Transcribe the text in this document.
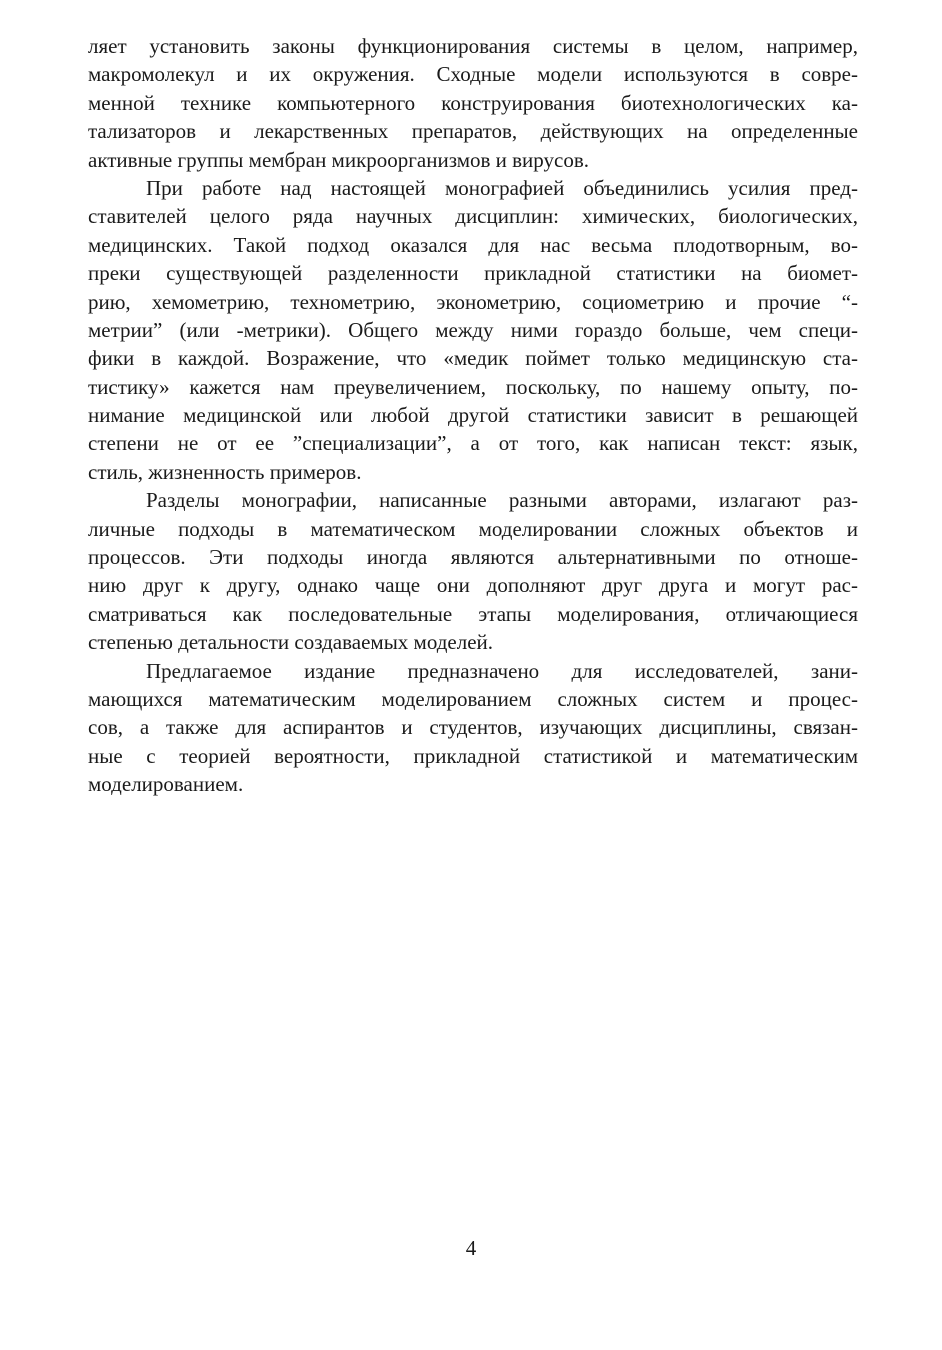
ляет установить законы функционирования системы в целом, например,
макромолекул и их окружения. Сходные модели используются в совре-
менной технике компьютерного конструирования биотехнологических ка-
тализаторов и лекарственных препаратов, действующих на определенные
активные группы мембран микроорганизмов и вирусов.
При работе над настоящей монографией объединились усилия пред-
ставителей целого ряда научных дисциплин: химических, биологических,
медицинских. Такой подход оказался для нас весьма плодотворным, во-
преки существующей разделенности прикладной статистики на биомет-
рию, хемометрию, технометрию, эконометрию, социометрию и прочие “-
метрии” (или -метрики). Общего между ними гораздо больше, чем специ-
фики в каждой. Возражение, что «медик поймет только медицинскую ста-
тистику» кажется нам преувеличением, поскольку, по нашему опыту, по-
нимание медицинской или любой другой статистики зависит в решающей
степени не от ее ”специализации”, а от того, как написан текст: язык,
стиль, жизненность примеров.
Разделы монографии, написанные разными авторами, излагают раз-
личные подходы в математическом моделировании сложных объектов и
процессов. Эти подходы иногда являются альтернативными по отноше-
нию друг к другу, однако чаще они дополняют друг друга и могут рас-
сматриваться как последовательные этапы моделирования, отличающиеся
степенью детальности создаваемых моделей.
Предлагаемое издание предназначено для исследователей, зани-
мающихся математическим моделированием сложных систем и процес-
сов, а также для аспирантов и студентов, изучающих дисциплины, связан-
ные с теорией вероятности, прикладной статистикой и математическим
моделированием.
4
